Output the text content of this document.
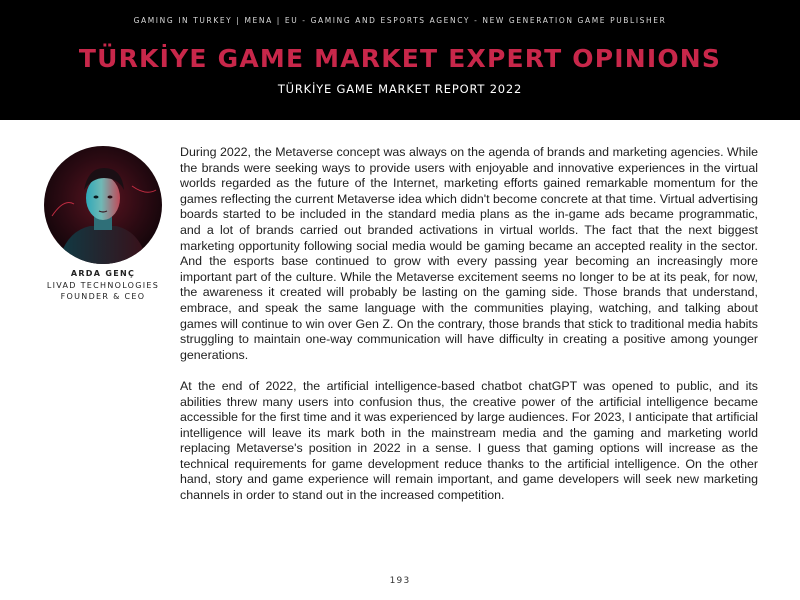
GAMING IN TURKEY | MENA | EU - GAMING AND ESPORTS AGENCY - NEW GENERATION GAME PUBLISHER
TÜRKİYE GAME MARKET EXPERT OPINIONS
TÜRKİYE GAME MARKET REPORT 2022
ARDA GENÇ
LIVAD TECHNOLOGIES
FOUNDER & CEO

During 2022, the Metaverse concept was always on the agenda of brands and marketing agencies. While the brands were seeking ways to provide users with enjoyable and innovative experiences in the virtual worlds regarded as the future of the Internet, marketing efforts gained remarkable momentum for the games reflecting the current Metaverse idea which didn't become concrete at that time. Virtual advertising boards started to be included in the standard media plans as the in-game ads became programmatic, and a lot of brands carried out branded activations in virtual worlds. The fact that the next biggest marketing opportunity following social media would be gaming became an accepted reality in the sector. And the esports base continued to grow with every passing year becoming an increasingly more important part of the culture. While the Metaverse excitement seems no longer to be at its peak, for now, the awareness it created will probably be lasting on the gaming side. Those brands that understand, embrace, and speak the same language with the communities playing, watching, and talking about games will continue to win over Gen Z. On the contrary, those brands that stick to traditional media habits struggling to maintain one-way communication will have difficulty in creating a positive among younger generations.

At the end of 2022, the artificial intelligence-based chatbot chatGPT was opened to public, and its abilities threw many users into confusion thus, the creative power of the artificial intelligence became accessible for the first time and it was experienced by large audiences. For 2023, I anticipate that artificial intelligence will leave its mark both in the mainstream media and the gaming and marketing world replacing Metaverse's position in 2022 in a sense. I guess that gaming options will increase as the technical requirements for game development reduce thanks to the artificial intelligence. On the other hand, story and game experience will remain important, and game developers will seek new marketing channels in order to stand out in the increased competition.

193
